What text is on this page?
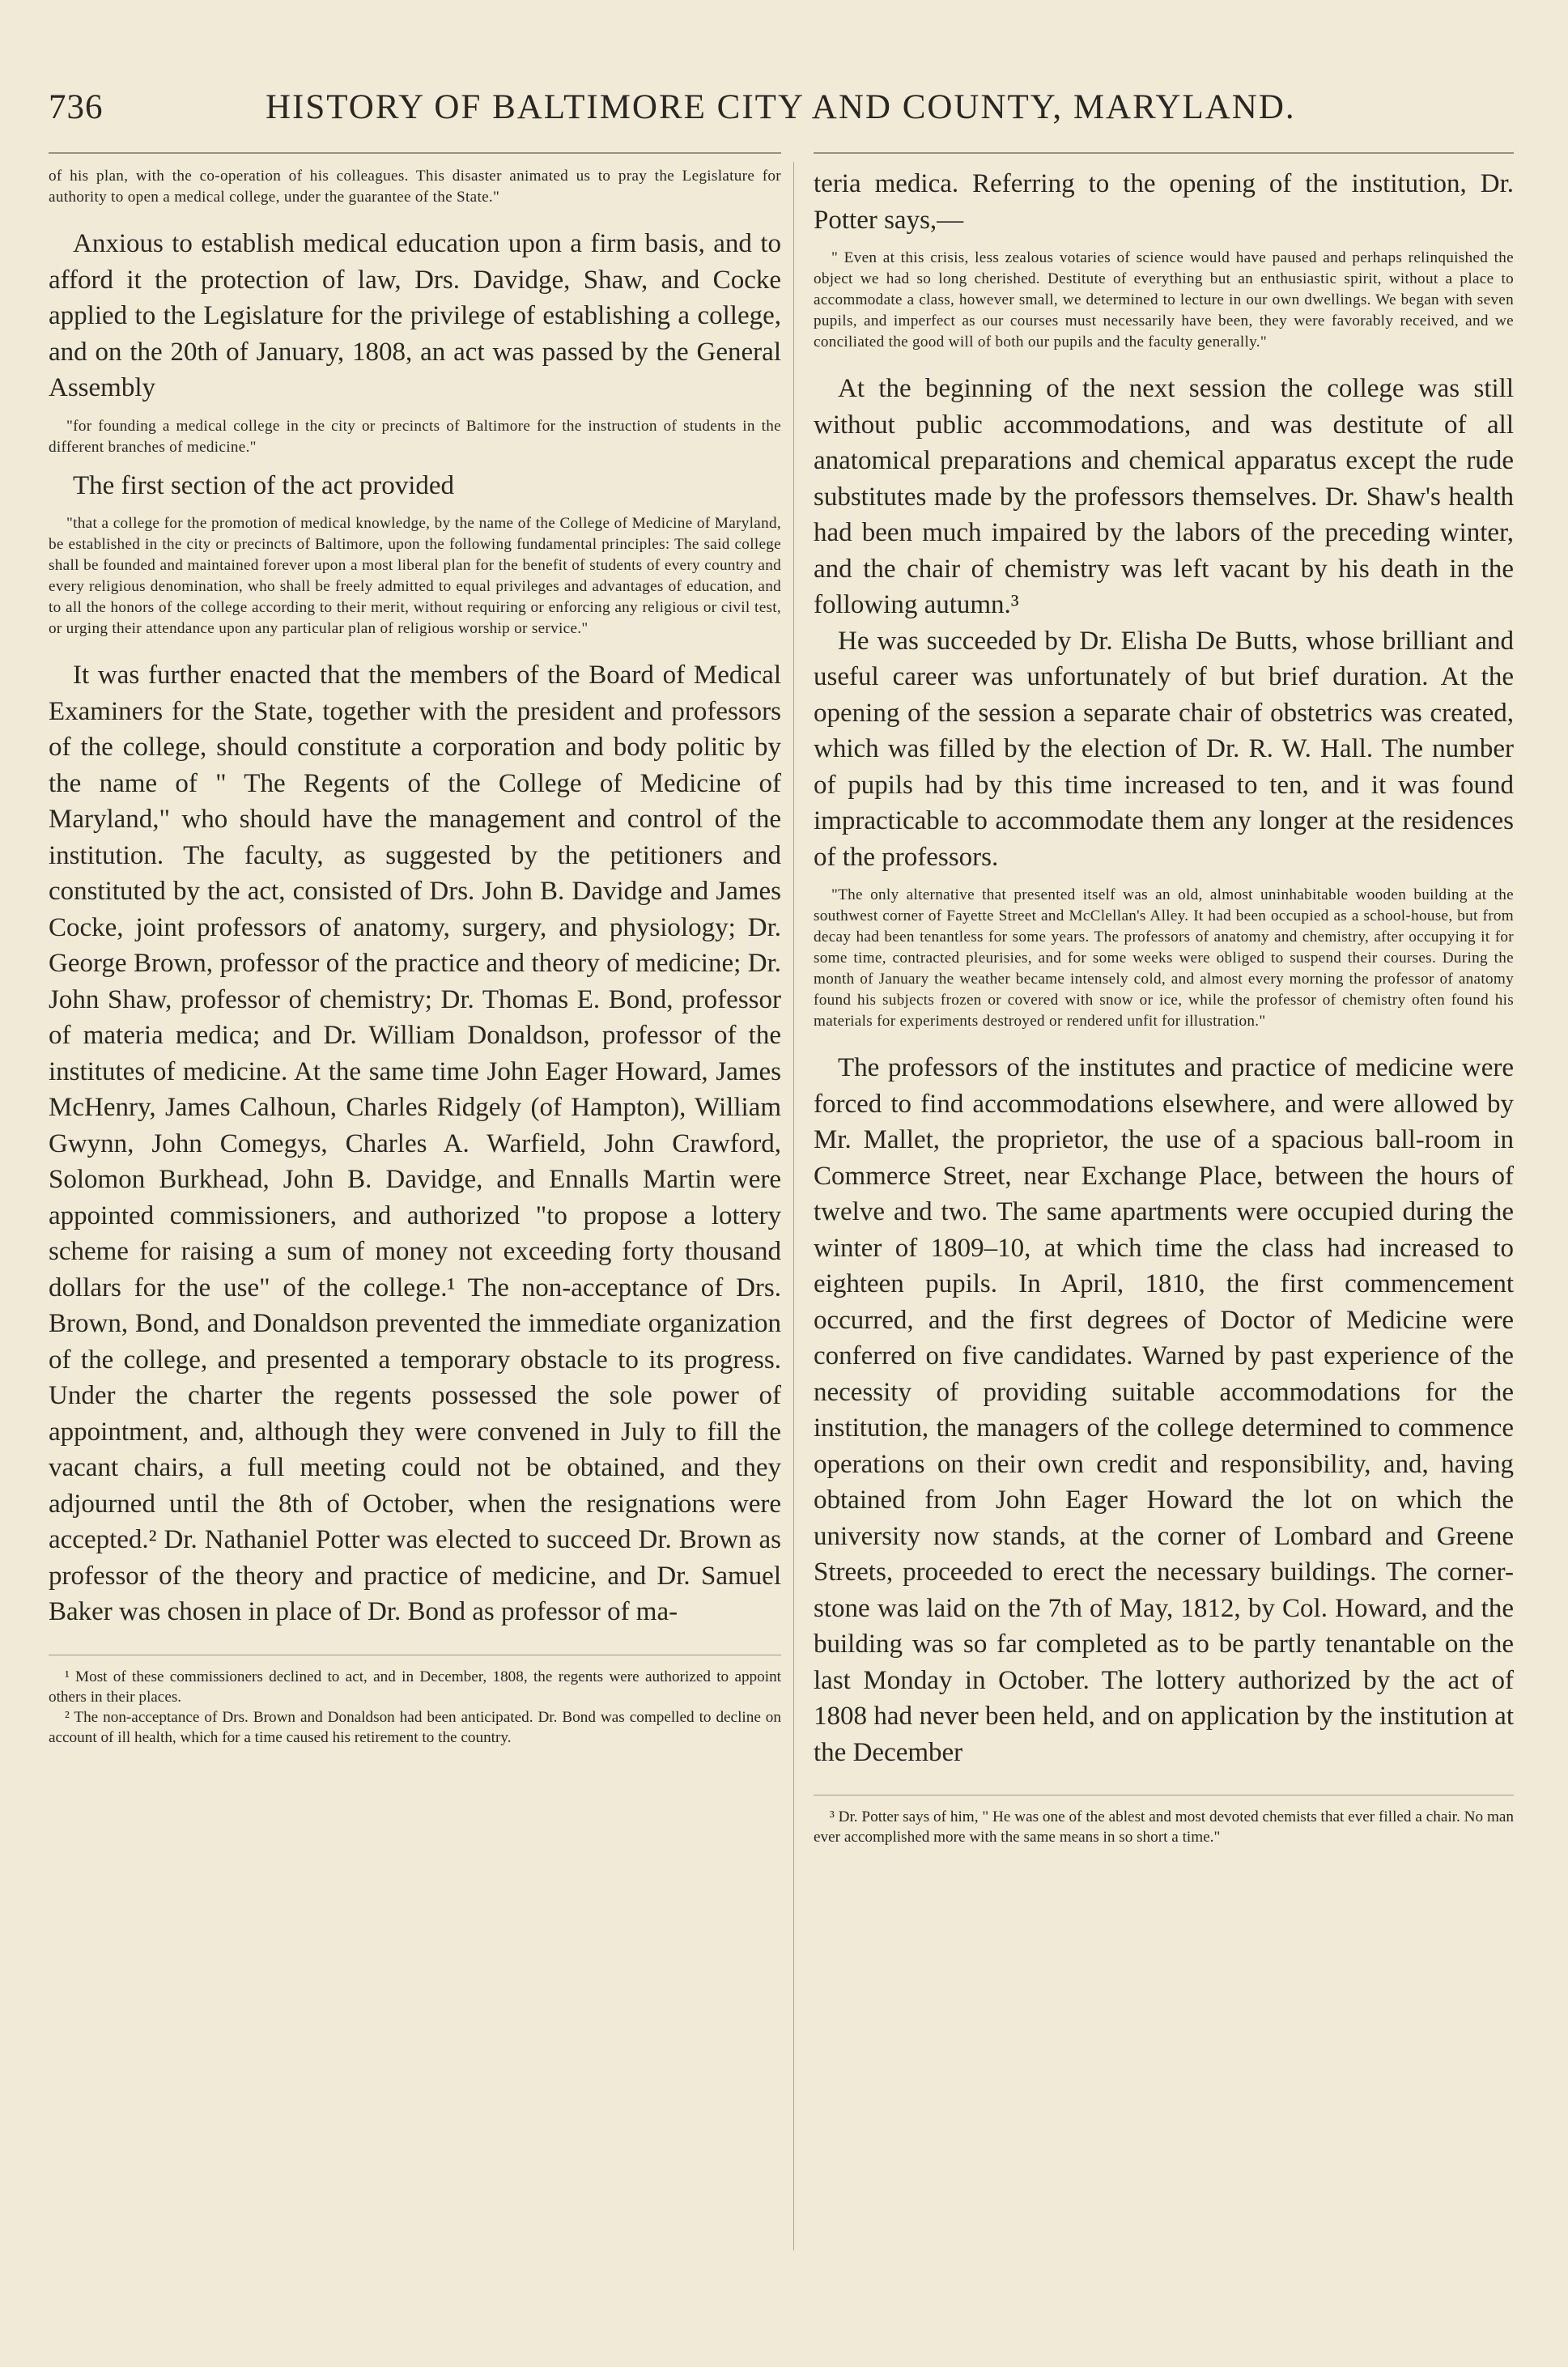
736	HISTORY OF BALTIMORE CITY AND COUNTY, MARYLAND.

of his plan, with the co-operation of his colleagues. This disaster animated us to pray the Legislature for authority to open a medical college, under the guarantee of the State."

Anxious to establish medical education upon a firm basis, and to afford it the protection of law, Drs. Davidge, Shaw, and Cocke applied to the Legislature for the privilege of establishing a college, and on the 20th of January, 1808, an act was passed by the General Assembly

"for founding a medical college in the city or precincts of Baltimore for the instruction of students in the different branches of medicine."

The first section of the act provided

"that a college for the promotion of medical knowledge, by the name of the College of Medicine of Maryland, be established in the city or precincts of Baltimore, upon the following fundamental principles: The said college shall be founded and maintained forever upon a most liberal plan for the benefit of students of every country and every religious denomination, who shall be freely admitted to equal privileges and advantages of education, and to all the honors of the college according to their merit, without requiring or enforcing any religious or civil test, or urging their attendance upon any particular plan of religious worship or service."

It was further enacted that the members of the Board of Medical Examiners for the State, together with the president and professors of the college, should constitute a corporation and body politic by the name of " The Regents of the College of Medicine of Maryland," who should have the management and control of the institution. The faculty, as suggested by the petitioners and constituted by the act, consisted of Drs. John B. Davidge and James Cocke, joint professors of anatomy, surgery, and physiology; Dr. George Brown, professor of the practice and theory of medicine; Dr. John Shaw, professor of chemistry; Dr. Thomas E. Bond, professor of materia medica; and Dr. William Donaldson, professor of the institutes of medicine. At the same time John Eager Howard, James McHenry, James Calhoun, Charles Ridgely (of Hampton), William Gwynn, John Comegys, Charles A. Warfield, John Crawford, Solomon Burkhead, John B. Davidge, and Ennalls Martin were appointed commissioners, and authorized "to propose a lottery scheme for raising a sum of money not exceeding forty thousand dollars for the use" of the college.¹ The non-acceptance of Drs. Brown, Bond, and Donaldson prevented the immediate organization of the college, and presented a temporary obstacle to its progress. Under the charter the regents possessed the sole power of appointment, and, although they were convened in July to fill the vacant chairs, a full meeting could not be obtained, and they adjourned until the 8th of October, when the resignations were accepted.² Dr. Nathaniel Potter was elected to succeed Dr. Brown as professor of the theory and practice of medicine, and Dr. Samuel Baker was chosen in place of Dr. Bond as professor of ma-

¹ Most of these commissioners declined to act, and in December, 1808, the regents were authorized to appoint others in their places.

² The non-acceptance of Drs. Brown and Donaldson had been anticipated. Dr. Bond was compelled to decline on account of ill health, which for a time caused his retirement to the country.

teria medica. Referring to the opening of the institution, Dr. Potter says,—

" Even at this crisis, less zealous votaries of science would have paused and perhaps relinquished the object we had so long cherished. Destitute of everything but an enthusiastic spirit, without a place to accommodate a class, however small, we determined to lecture in our own dwellings. We began with seven pupils, and imperfect as our courses must necessarily have been, they were favorably received, and we conciliated the good will of both our pupils and the faculty generally."

At the beginning of the next session the college was still without public accommodations, and was destitute of all anatomical preparations and chemical apparatus except the rude substitutes made by the professors themselves. Dr. Shaw's health had been much impaired by the labors of the preceding winter, and the chair of chemistry was left vacant by his death in the following autumn.³

He was succeeded by Dr. Elisha De Butts, whose brilliant and useful career was unfortunately of but brief duration. At the opening of the session a separate chair of obstetrics was created, which was filled by the election of Dr. R. W. Hall. The number of pupils had by this time increased to ten, and it was found impracticable to accommodate them any longer at the residences of the professors.

"The only alternative that presented itself was an old, almost uninhabitable wooden building at the southwest corner of Fayette Street and McClellan's Alley. It had been occupied as a school-house, but from decay had been tenantless for some years. The professors of anatomy and chemistry, after occupying it for some time, contracted pleurisies, and for some weeks were obliged to suspend their courses. During the month of January the weather became intensely cold, and almost every morning the professor of anatomy found his subjects frozen or covered with snow or ice, while the professor of chemistry often found his materials for experiments destroyed or rendered unfit for illustration."

The professors of the institutes and practice of medicine were forced to find accommodations elsewhere, and were allowed by Mr. Mallet, the proprietor, the use of a spacious ball-room in Commerce Street, near Exchange Place, between the hours of twelve and two. The same apartments were occupied during the winter of 1809–10, at which time the class had increased to eighteen pupils. In April, 1810, the first commencement occurred, and the first degrees of Doctor of Medicine were conferred on five candidates. Warned by past experience of the necessity of providing suitable accommodations for the institution, the managers of the college determined to commence operations on their own credit and responsibility, and, having obtained from John Eager Howard the lot on which the university now stands, at the corner of Lombard and Greene Streets, proceeded to erect the necessary buildings. The corner-stone was laid on the 7th of May, 1812, by Col. Howard, and the building was so far completed as to be partly tenantable on the last Monday in October. The lottery authorized by the act of 1808 had never been held, and on application by the institution at the December

³ Dr. Potter says of him, " He was one of the ablest and most devoted chemists that ever filled a chair. No man ever accomplished more with the same means in so short a time."
